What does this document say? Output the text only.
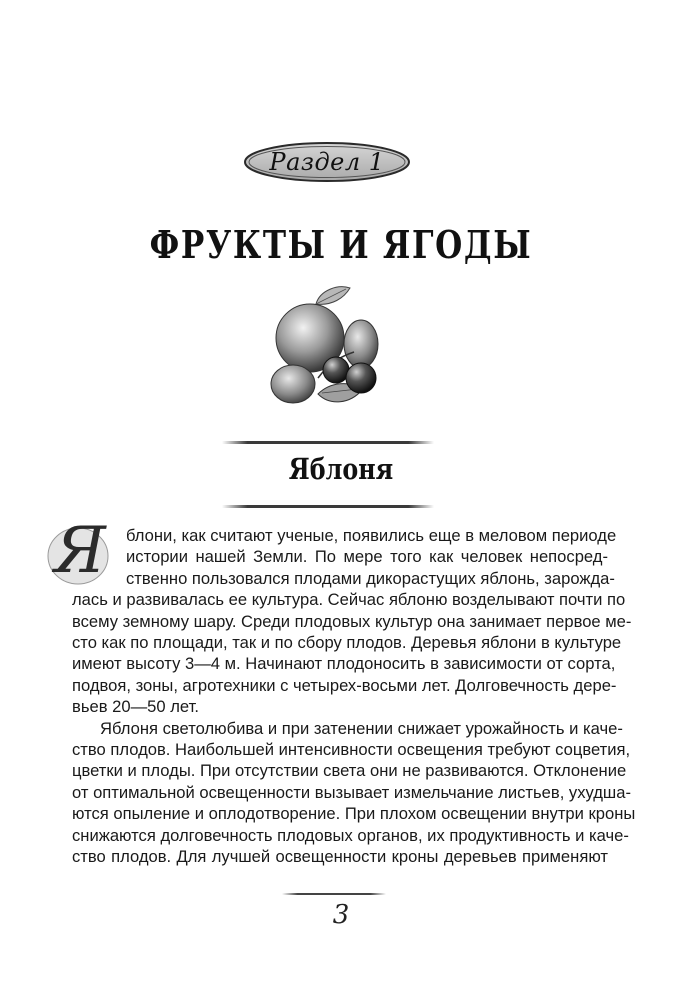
Раздел 1
ФРУКТЫ И ЯГОДЫ
Яблоня
Я блони, как считают ученые, появились еще в меловом периоде
истории нашей Земли. По мере того как человек непосред-
ственно пользовался плодами дикорастущих яблонь, зарожда-
лась и развивалась ее культура. Сейчас яблоню возделывают почти по
всему земному шару. Среди плодовых культур она занимает первое ме-
сто как по площади, так и по сбору плодов. Деревья яблони в культуре
имеют высоту 3—4 м. Начинают плодоносить в зависимости от сорта,
подвоя, зоны, агротехники с четырех-восьми лет. Долговечность дере-
вьев 20—50 лет.

Яблоня светолюбива и при затенении снижает урожайность и каче-
ство плодов. Наибольшей интенсивности освещения требуют соцветия,
цветки и плоды. При отсутствии света они не развиваются. Отклонение
от оптимальной освещенности вызывает измельчание листьев, ухудша-
ются опыление и оплодотворение. При плохом освещении внутри кроны
снижаются долговечность плодовых органов, их продуктивность и каче-
ство плодов. Для лучшей освещенности кроны деревьев применяют

3
